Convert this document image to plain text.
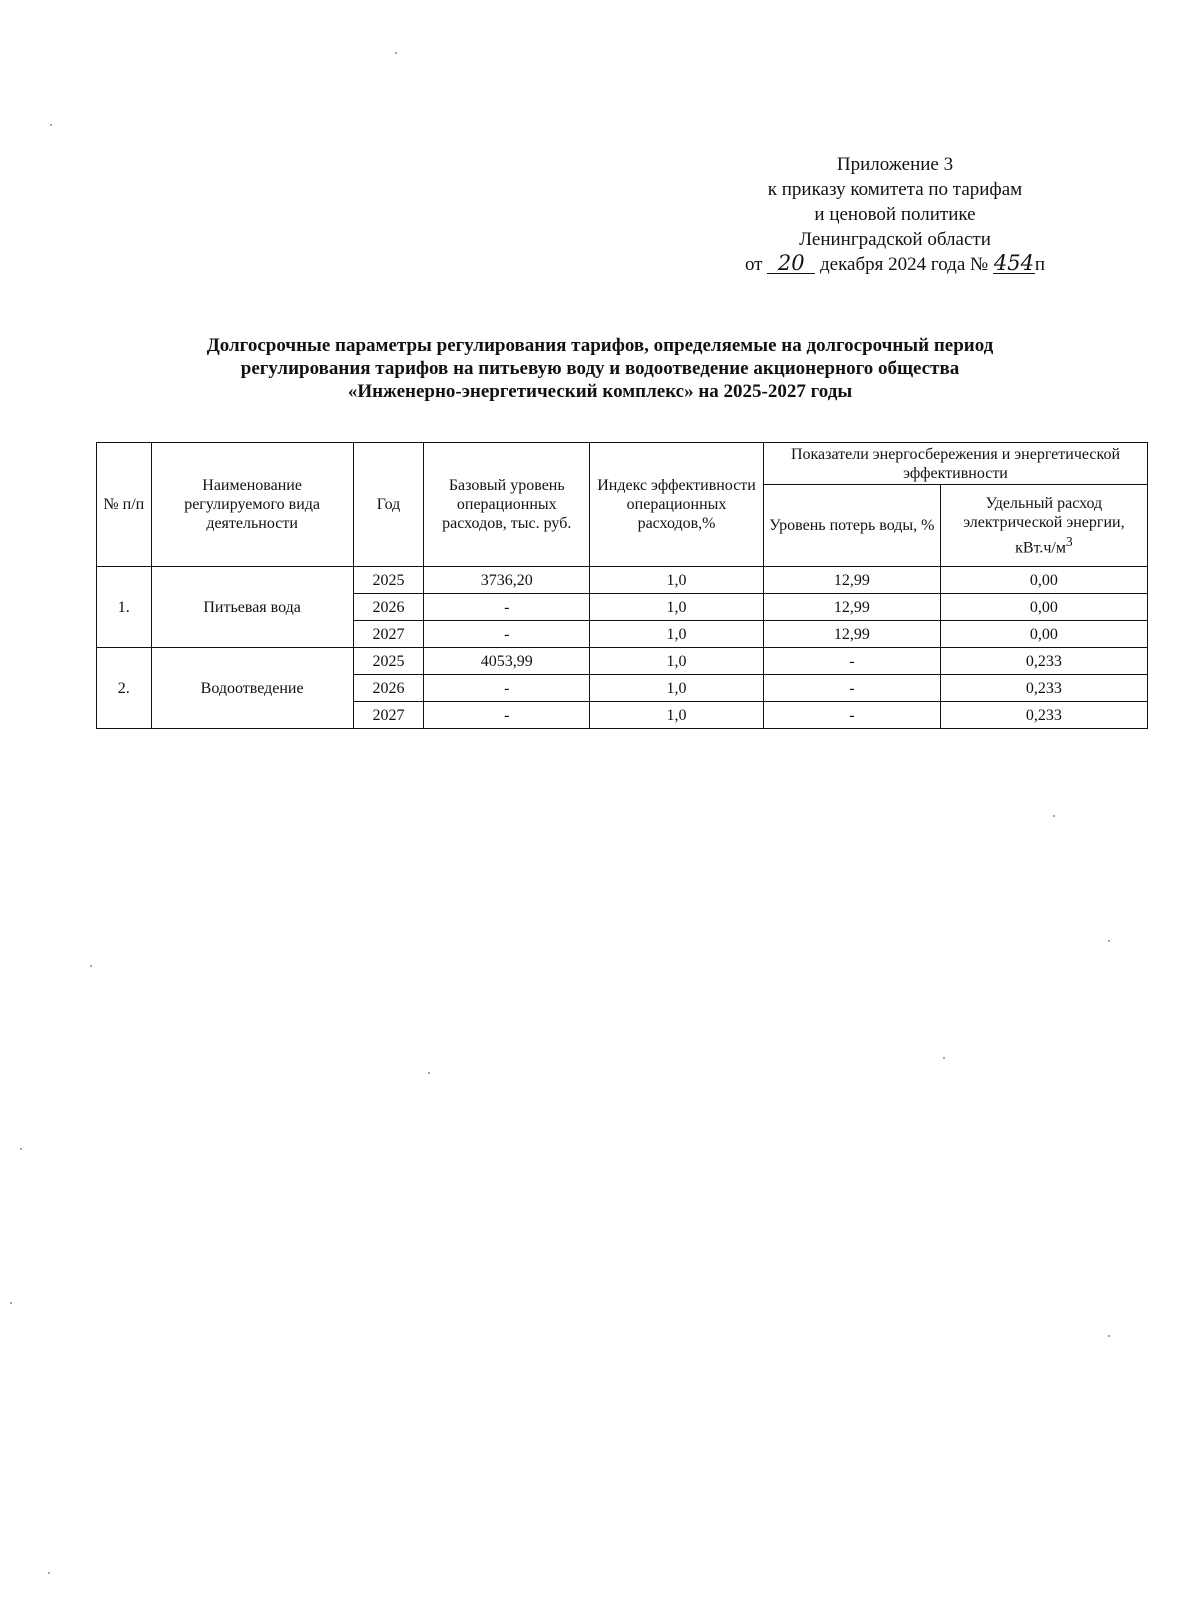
Приложение 3
к приказу комитета по тарифам
и ценовой политике
Ленинградской области
от 20 декабря 2024 года № 454п
Долгосрочные параметры регулирования тарифов, определяемые на долгосрочный период
регулирования тарифов на питьевую воду и водоотведение акционерного общества
«Инженерно-энергетический комплекс» на 2025-2027 годы
№ п/п	Наименование регулируемого вида деятельности	Год	Базовый уровень операционных расходов, тыс. руб.	Индекс эффективности операционных расходов,%	Показатели энергосбережения и энергетической эффективности	
					Уровень потерь воды, %	Удельный расход электрической энергии, $кВт.ч/м^3$
1.	Питьевая вода	2025	3736,20	1,0	12,99	0,00
		2026	-	1,0	12,99	0,00
		2027	-	1,0	12,99	0,00
2.	Водоотведение	2025	4053,99	1,0	-	0,233
		2026	-	1,0	-	0,233
		2027	-	1,0	-	0,233
